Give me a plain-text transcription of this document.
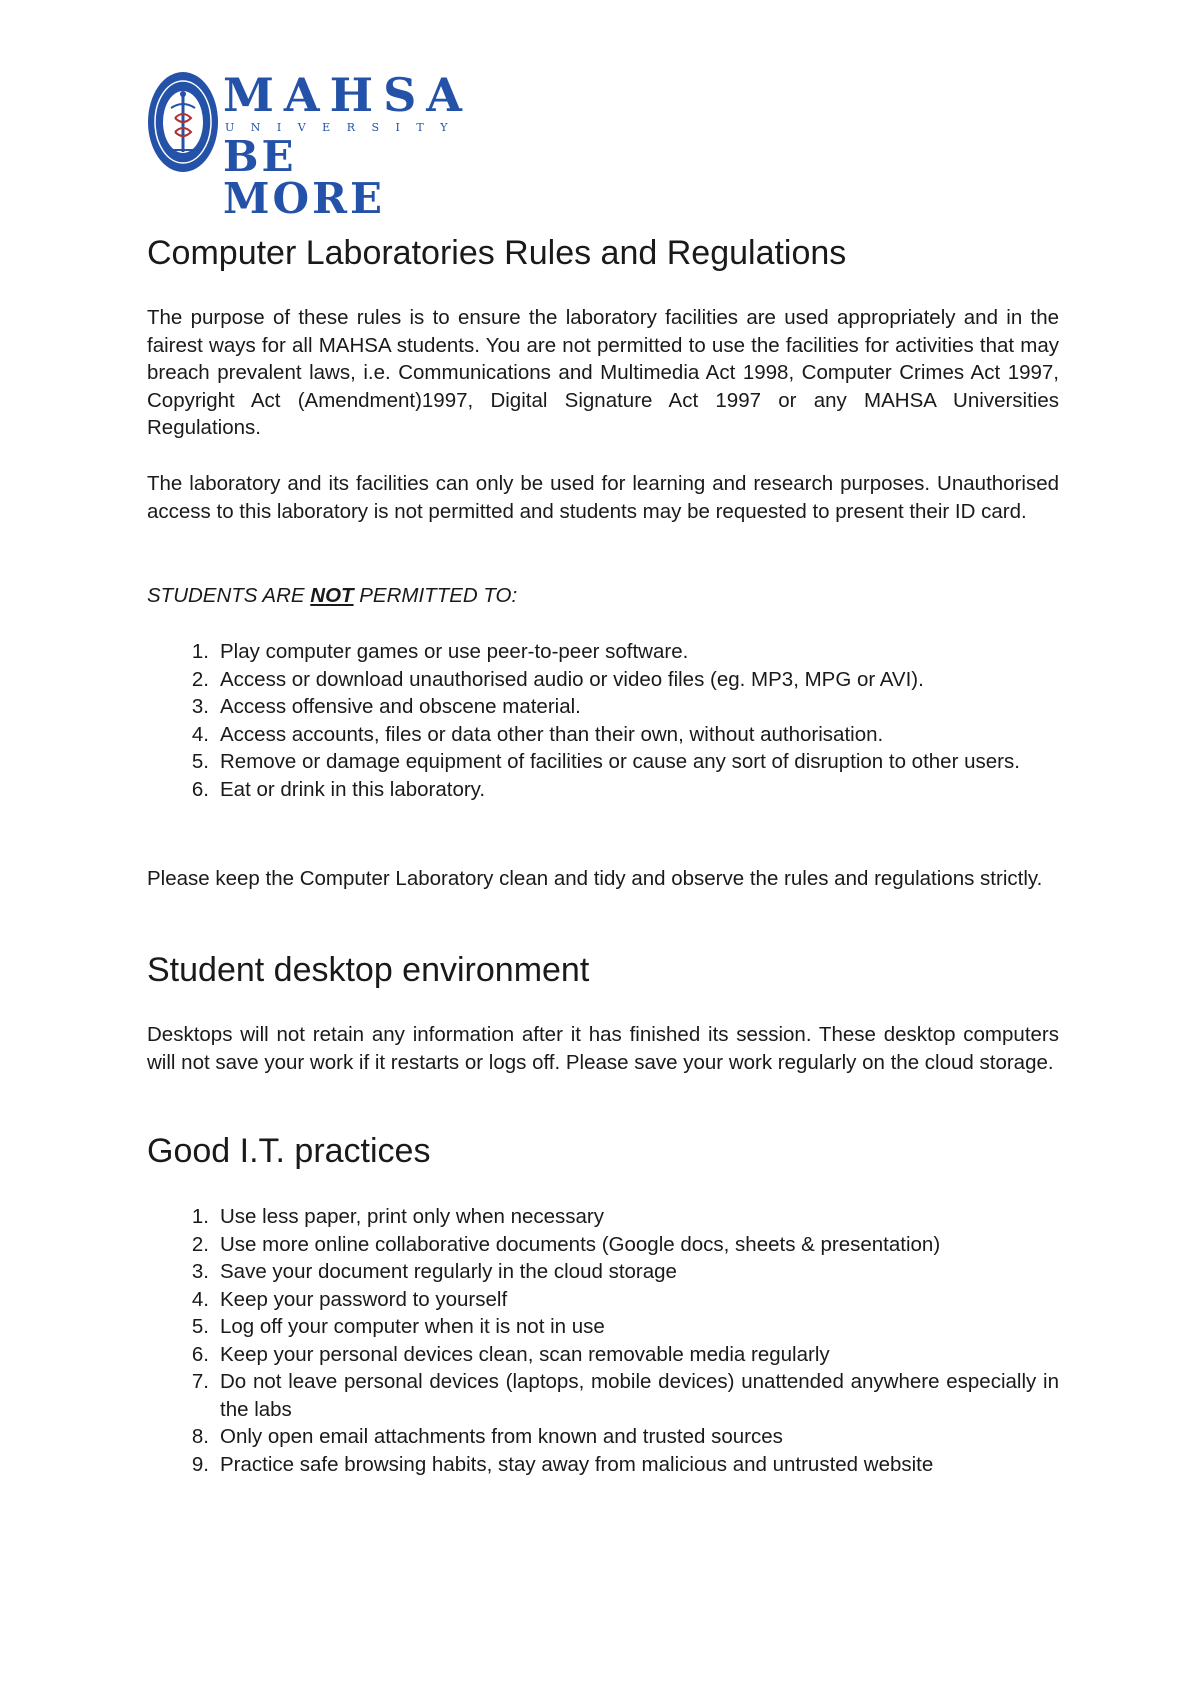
MAHSA
UNIVERSITY
BE MORE
Computer Laboratories Rules and Regulations

The purpose of these rules is to ensure the laboratory facilities are used appropriately and in the fairest ways for all MAHSA students. You are not permitted to use the facilities for activities that may breach prevalent laws, i.e. Communications and Multimedia Act 1998, Computer Crimes Act 1997, Copyright Act (Amendment)1997, Digital Signature Act 1997 or any MAHSA Universities Regulations.

The laboratory and its facilities can only be used for learning and research purposes. Unauthorised access to this laboratory is not permitted and students may be requested to present their ID card.

STUDENTS ARE NOT PERMITTED TO:

1. Play computer games or use peer-to-peer software.
2. Access or download unauthorised audio or video files (eg. MP3, MPG or AVI).
3. Access offensive and obscene material.
4. Access accounts, files or data other than their own, without authorisation.
5. Remove or damage equipment of facilities or cause any sort of disruption to other users.
6. Eat or drink in this laboratory.

Please keep the Computer Laboratory clean and tidy and observe the rules and regulations strictly.

Student desktop environment

Desktops will not retain any information after it has finished its session. These desktop computers will not save your work if it restarts or logs off. Please save your work regularly on the cloud storage.

Good I.T. practices
1. Use less paper, print only when necessary
2. Use more online collaborative documents (Google docs, sheets & presentation)
3. Save your document regularly in the cloud storage
4. Keep your password to yourself
5. Log off your computer when it is not in use
6. Keep your personal devices clean, scan removable media regularly
7. Do not leave personal devices (laptops, mobile devices) unattended anywhere especially in the labs
8. Only open email attachments from known and trusted sources
9. Practice safe browsing habits, stay away from malicious and untrusted website
